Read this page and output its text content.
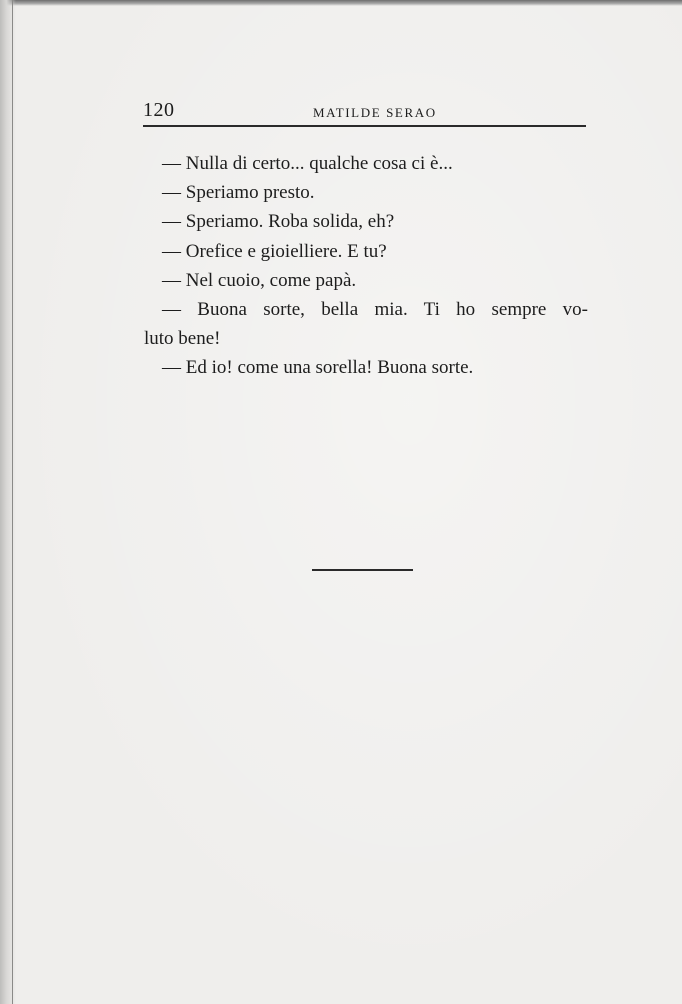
120	MATILDE SERAO
— Nulla di certo... qualche cosa ci è...
— Speriamo presto.
— Speriamo. Roba solida, eh?
— Orefice e gioielliere. E tu?
— Nel cuoio, come papà.
— Buona sorte, bella mia. Ti ho sempre vo-
luto bene!
— Ed io! come una sorella! Buona sorte.
